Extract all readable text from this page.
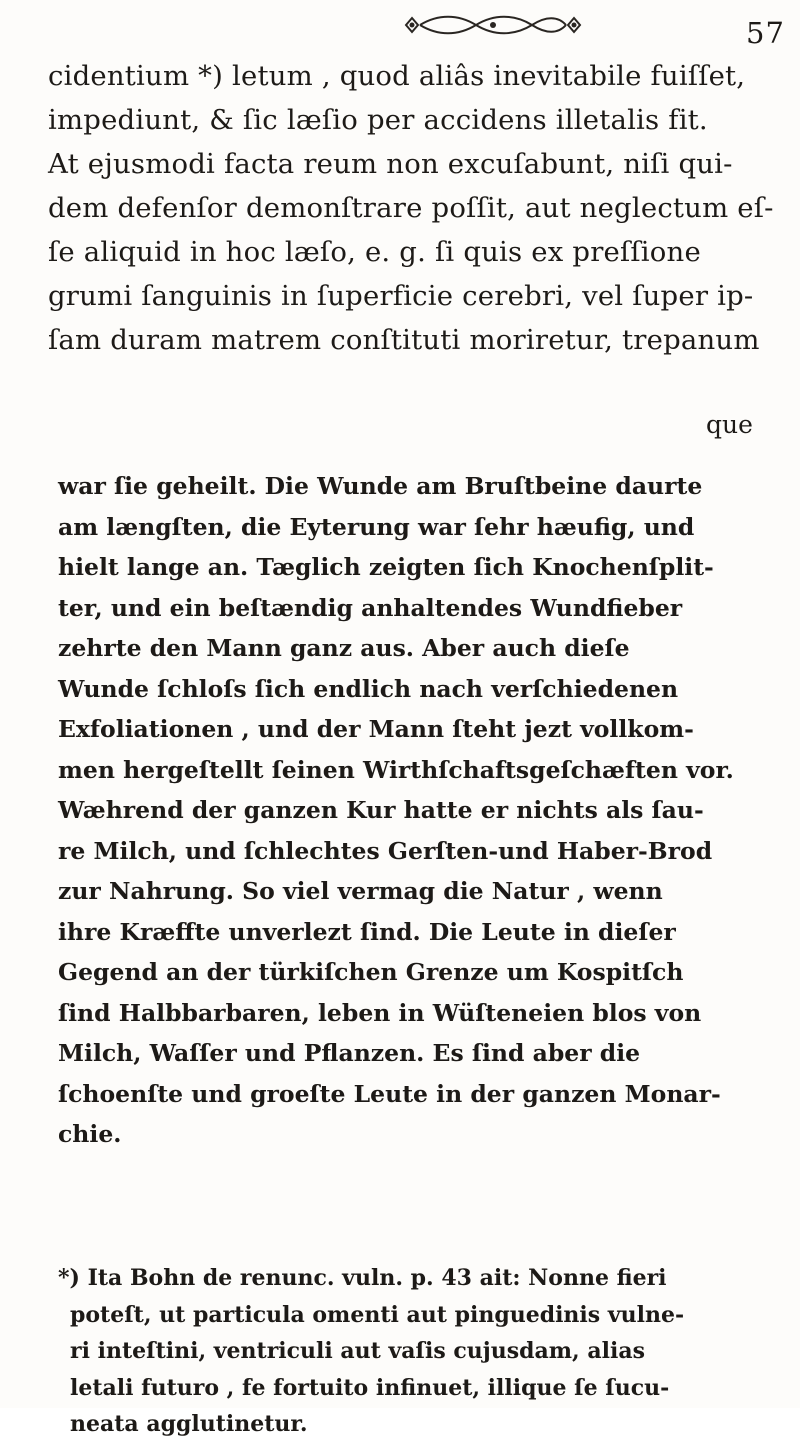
57
cidentium *) letum , quod aliâs inevitabile fuiſſet,
impediunt, & ſic læſio per accidens illetalis fit.
At ejusmodi facta reum non excuſabunt, niſi qui-
dem defenſor demonſtrare poſſit, aut neglectum eſ-
ſe aliquid in hoc læſo, e. g. ſi quis ex preſſione
grumi ſanguinis in ſuperficie cerebri, vel ſuper ip-
ſam duram matrem conſtituti moriretur, trepanum
que
war ſie geheilt. Die Wunde am Bruſtbeine daurte
am længſten, die Eyterung war ſehr hæufig, und
hielt lange an. Tæglich zeigten ſich Knochenſplit-
ter, und ein beſtændig anhaltendes Wundfieber
zehrte den Mann ganz aus. Aber auch dieſe
Wunde ſchloſs ſich endlich nach verſchiedenen
Exfoliationen , und der Mann ſteht jezt vollkom-
men hergeſtellt ſeinen Wirthſchaftsgeſchæften vor.
Wæhrend der ganzen Kur hatte er nichts als ſau-
re Milch, und ſchlechtes Gerſten-und Haber-Brod
zur Nahrung. So viel vermag die Natur , wenn
ihre Kræffte unverlezt ſind. Die Leute in dieſer
Gegend an der türkiſchen Grenze um Kospitſch
ſind Halbbarbaren, leben in Wüſteneien blos von
Milch, Waſſer und Pflanzen. Es ſind aber die
ſchoenſte und groeſte Leute in der ganzen Monar-
chie.
*) Ita Bohn de renunc. vuln. p. 43 ait: Nonne fieri
poteſt, ut particula omenti aut pinguedinis vulne-
ri inteſtini, ventriculi aut vaſis cujusdam, alias
letali futuro , fe fortuito infinuet, illique ſe ſucu-
neata agglutinetur.
